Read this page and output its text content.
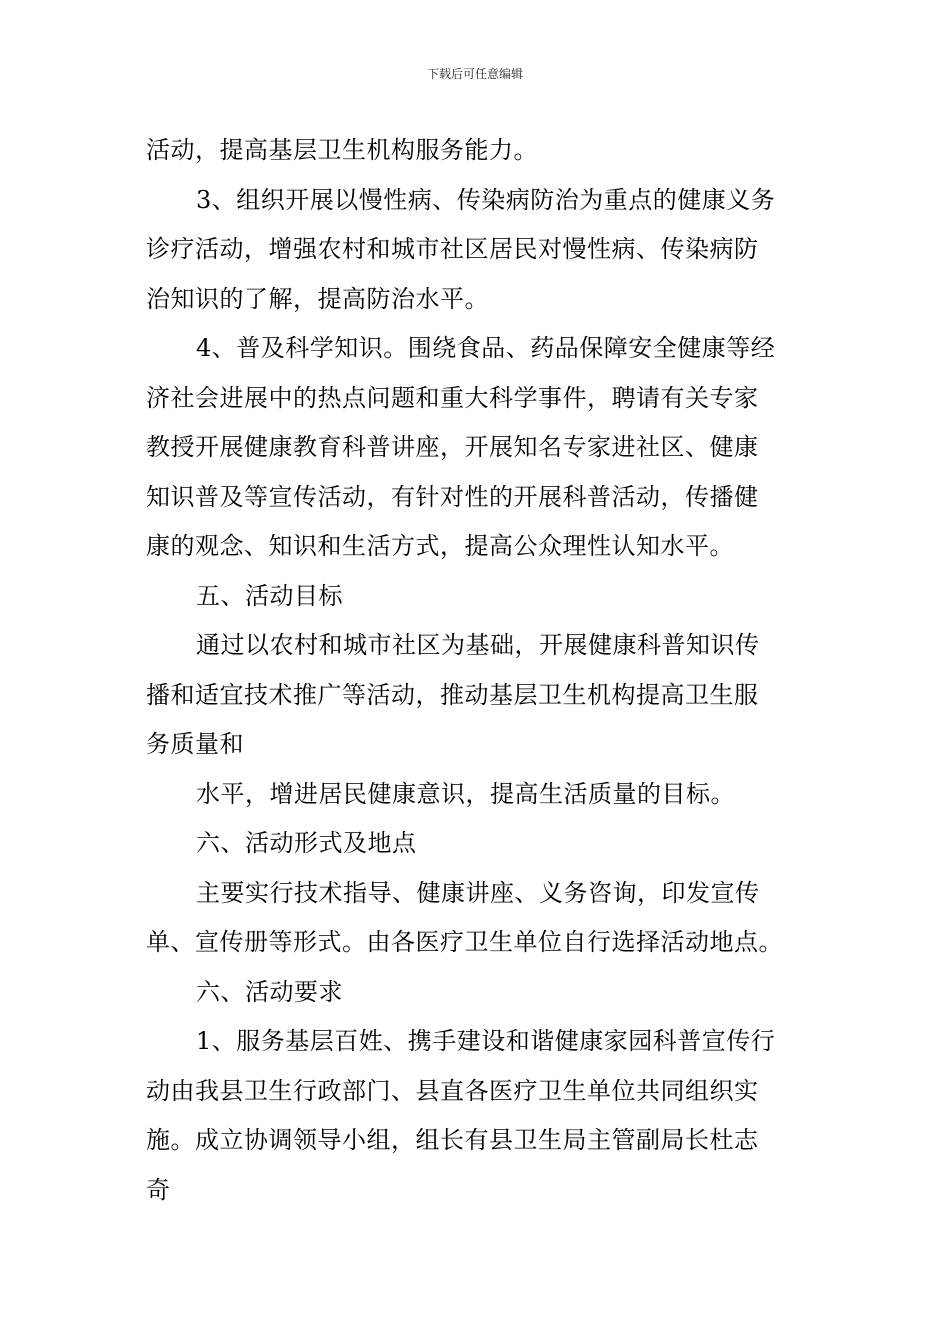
下载后可任意编辑
活动，提高基层卫生机构服务能力。
3、组织开展以慢性病、传染病防治为重点的健康义务
诊疗活动，增强农村和城市社区居民对慢性病、传染病防
治知识的了解，提高防治水平。
4、普及科学知识。围绕食品、药品保障安全健康等经
济社会进展中的热点问题和重大科学事件，聘请有关专家
教授开展健康教育科普讲座，开展知名专家进社区、健康
知识普及等宣传活动，有针对性的开展科普活动，传播健
康的观念、知识和生活方式，提高公众理性认知水平。
五、活动目标
通过以农村和城市社区为基础，开展健康科普知识传
播和适宜技术推广等活动，推动基层卫生机构提高卫生服
务质量和
水平，增进居民健康意识，提高生活质量的目标。
六、活动形式及地点
主要实行技术指导、健康讲座、义务咨询，印发宣传
单、宣传册等形式。由各医疗卫生单位自行选择活动地点。
六、活动要求
1、服务基层百姓、携手建设和谐健康家园科普宣传行
动由我县卫生行政部门、县直各医疗卫生单位共同组织实
施。成立协调领导小组，组长有县卫生局主管副局长杜志
奇
